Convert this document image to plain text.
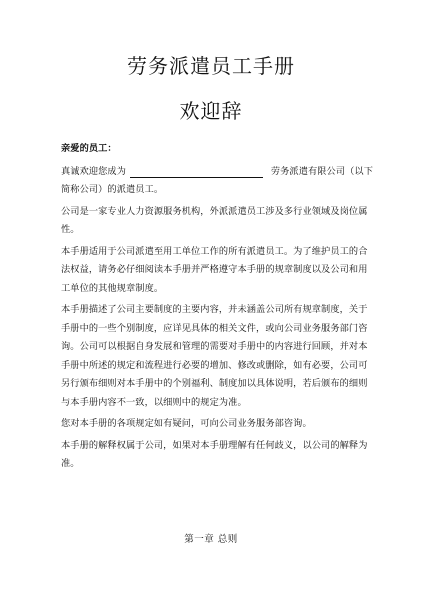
劳务派遣员工手册
欢迎辞

亲爱的员工：

真诚欢迎您成为	劳务派遣有限公司（以下
简称公司）的派遣员工。

公司是一家专业人力资源服务机构，外派派遣员工涉及多行业领域及岗位属性。

本手册适用于公司派遣至用工单位工作的所有派遣员工。为了维护员工的合法权益，请务必仔细阅读本手册并严格遵守本手册的规章制度以及公司和用工单位的其他规章制度。

本手册描述了公司主要制度的主要内容，并未涵盖公司所有规章制度，关于手册中的一些个别制度，应详见具体的相关文件，或向公司业务服务部门咨询。公司可以根据自身发展和管理的需要对手册中的内容进行回顾，并对本手册中所述的规定和流程进行必要的增加、修改或删除，如有必要，公司可另行颁布细则对本手册中的个别福利、制度加以具体说明，若后颁布的细则与本手册内容不一致，以细则中的规定为准。

您对本手册的各项规定如有疑问，可向公司业务服务部咨询。

本手册的解释权属于公司，如果对本手册理解有任何歧义，以公司的解释为准。

第一章 总则
